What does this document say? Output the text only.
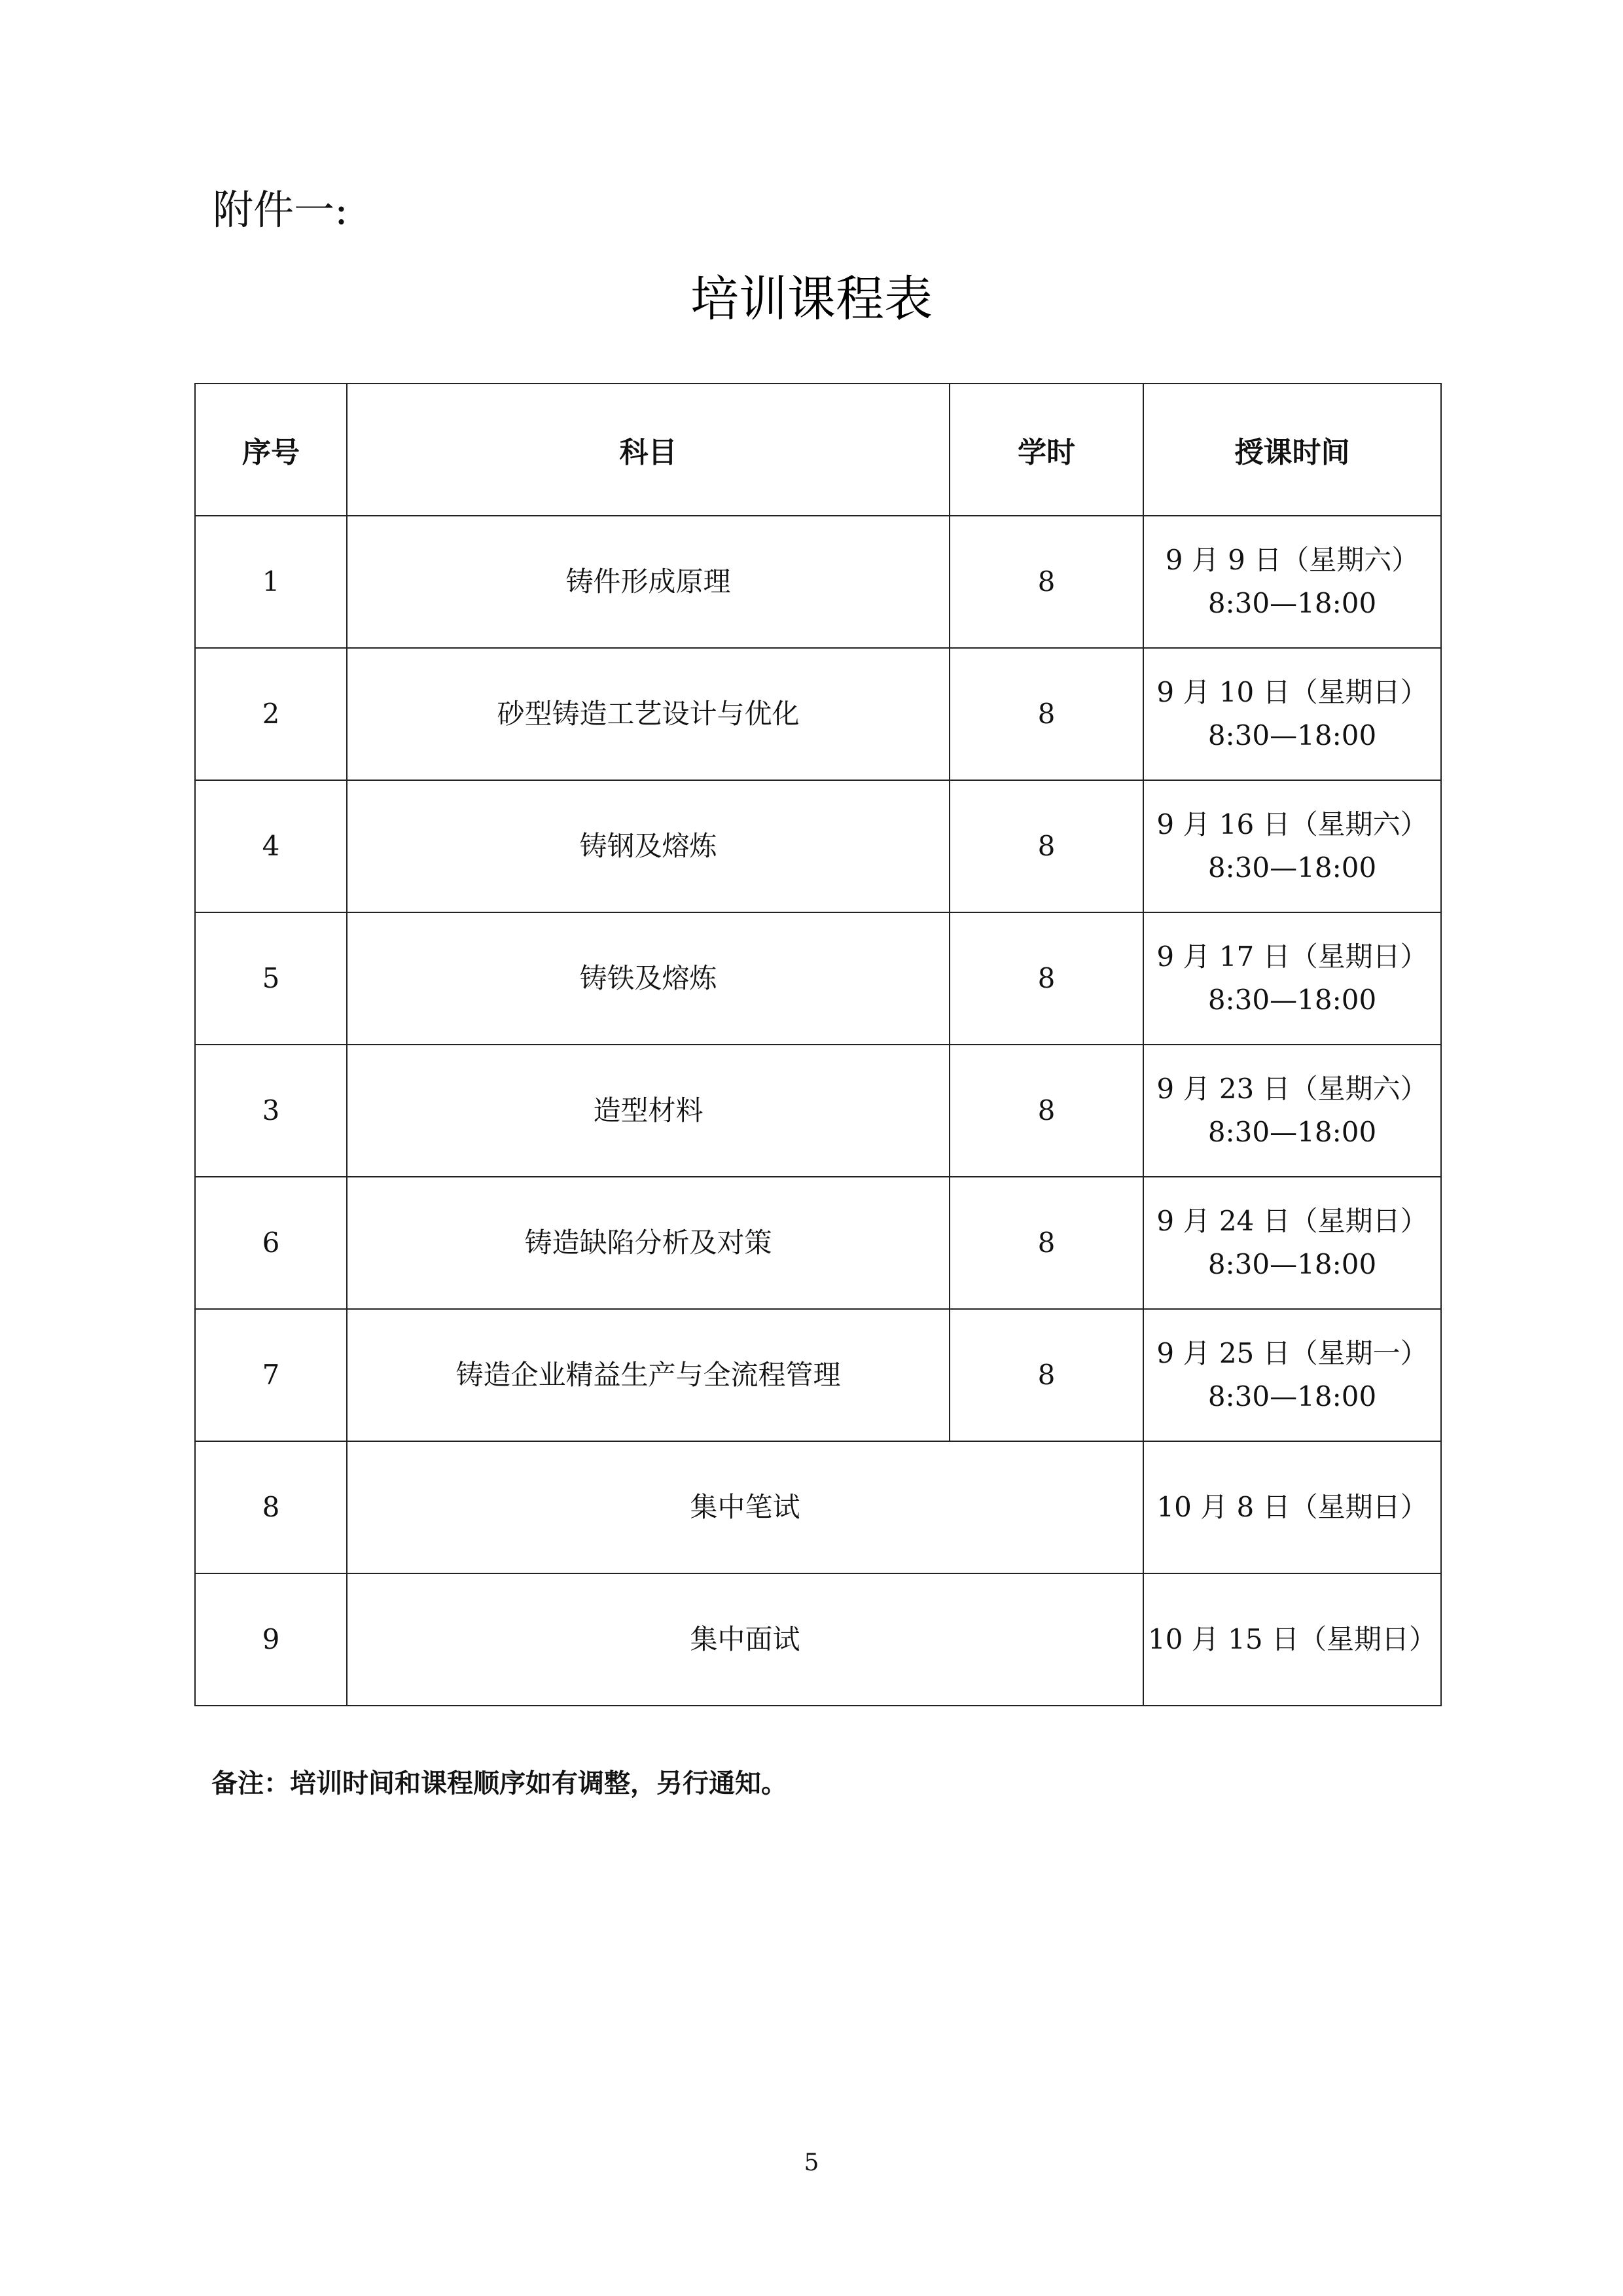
附件一:
培训课程表
序号	科目	学时	授课时间
1	铸件形成原理	8	9 月 9 日（星期六）
8:30—18:00

2	砂型铸造工艺设计与优化	8	9 月 10 日（星期日）
8:30—18:00

4	铸钢及熔炼	8	9 月 16 日（星期六）
8:30—18:00

5	铸铁及熔炼	8	9 月 17 日（星期日）
8:30—18:00

3	造型材料	8	9 月 23 日（星期六）
8:30—18:00

6	铸造缺陷分析及对策	8	9 月 24 日（星期日）
8:30—18:00

7	铸造企业精益生产与全流程管理	8	9 月 25 日（星期一）
8:30—18:00

8	集中笔试		10 月 8 日（星期日）
9	集中面试		10 月 15 日（星期日）
备注：培训时间和课程顺序如有调整，另行通知。
5
